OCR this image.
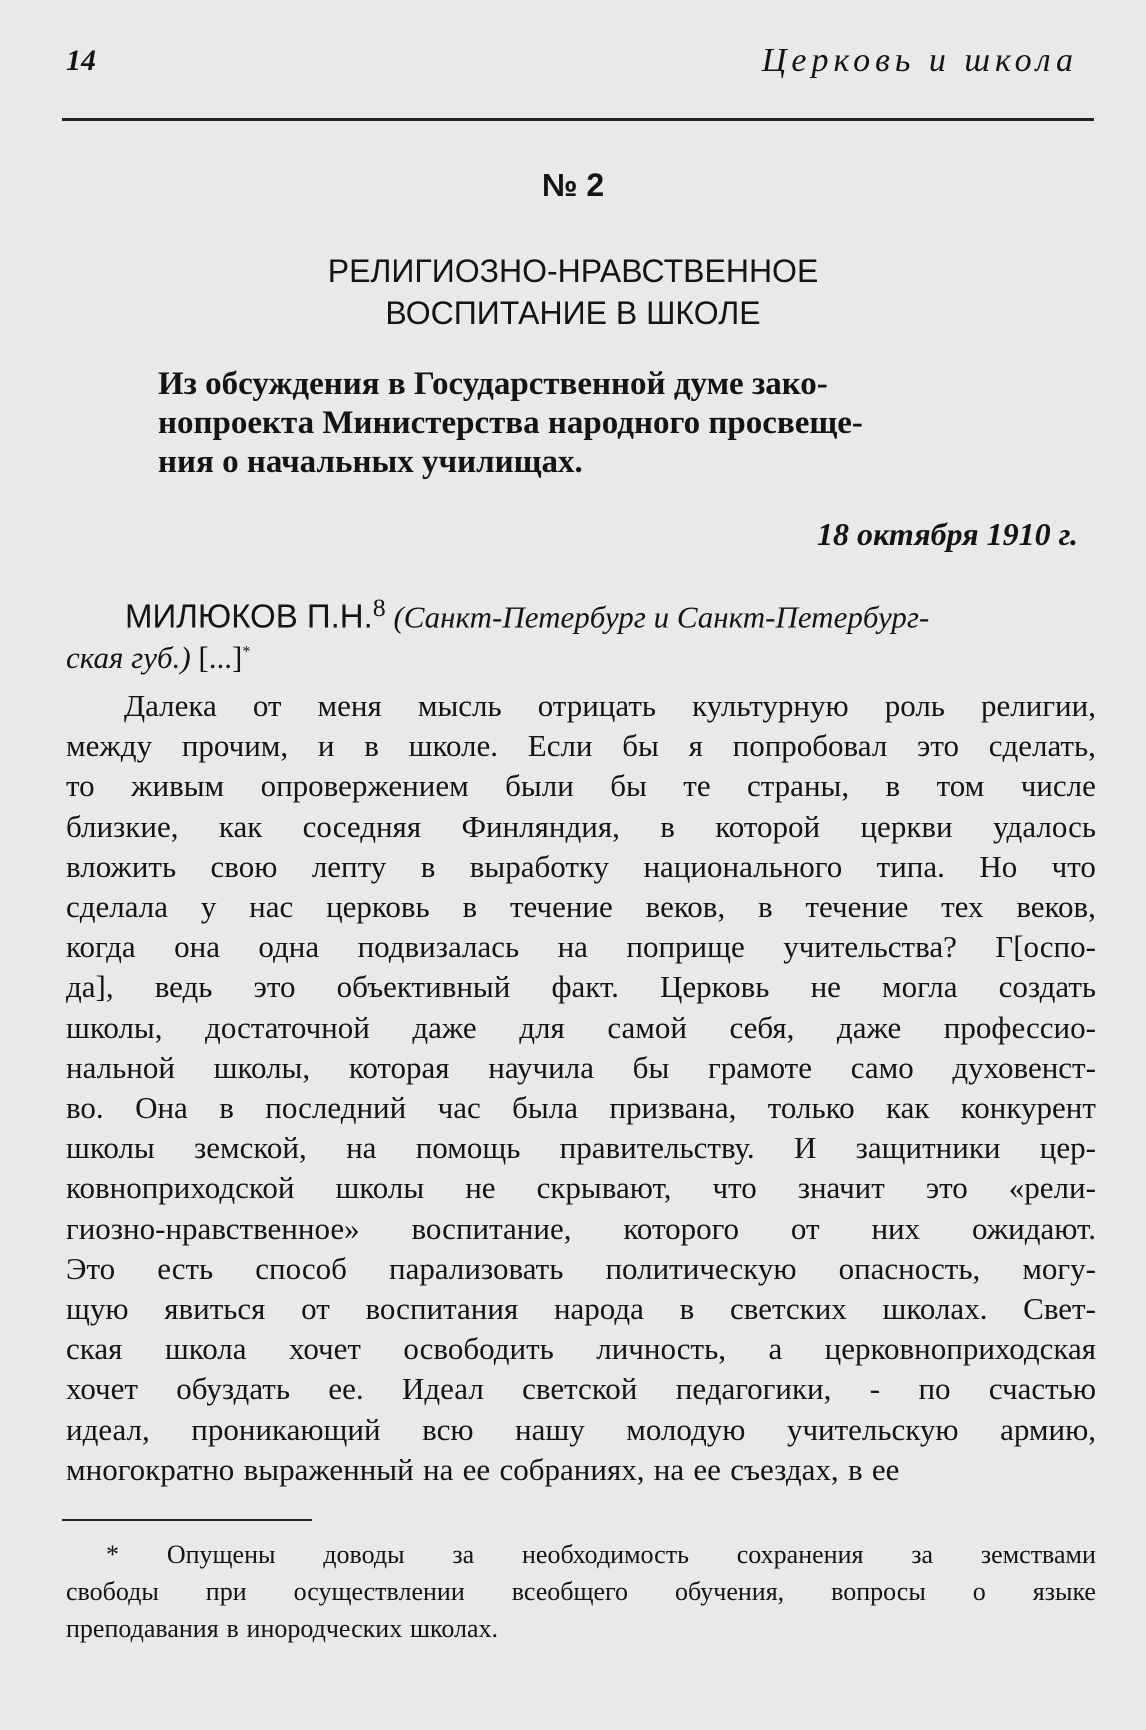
14	Церковь и школа
№ 2
РЕЛИГИОЗНО-НРАВСТВЕННОЕ
ВОСПИТАНИЕ В ШКОЛЕ
Из обсуждения в Государственной думе зако-
нопроекта Министерства народного просвеще-
ния о начальных училищах.
18 октября 1910 г.
МИЛЮКОВ П.Н.$^8$ (Санкт-Петербург и Санкт-Петербург-
ская губ.) [...]*
Далека от меня мысль отрицать культурную роль религии,
между прочим, и в школе. Если бы я попробовал это сделать,
то живым опровержением были бы те страны, в том числе
близкие, как соседняя Финляндия, в которой церкви удалось
вложить свою лепту в выработку национального типа. Но что
сделала у нас церковь в течение веков, в течение тех веков,
когда она одна подвизалась на поприще учительства? Г[оспо-
да], ведь это объективный факт. Церковь не могла создать
школы, достаточной даже для самой себя, даже профессио-
нальной школы, которая научила бы грамоте само духовенст-
во. Она в последний час была призвана, только как конкурент
школы земской, на помощь правительству. И защитники цер-
ковноприходской школы не скрывают, что значит это «рели-
гиозно-нравственное» воспитание, которого от них ожидают.
Это есть способ парализовать политическую опасность, могу-
щую явиться от воспитания народа в светских школах. Свет-
ская школа хочет освободить личность, а церковноприходская
хочет обуздать ее. Идеал светской педагогики, - по счастью
идеал, проникающий всю нашу молодую учительскую армию,
многократно выраженный на ее собраниях, на ее съездах, в ее
* Опущены доводы за необходимость сохранения за земствами
свободы при осуществлении всеобщего обучения, вопросы о языке
преподавания в инородческих школах.
